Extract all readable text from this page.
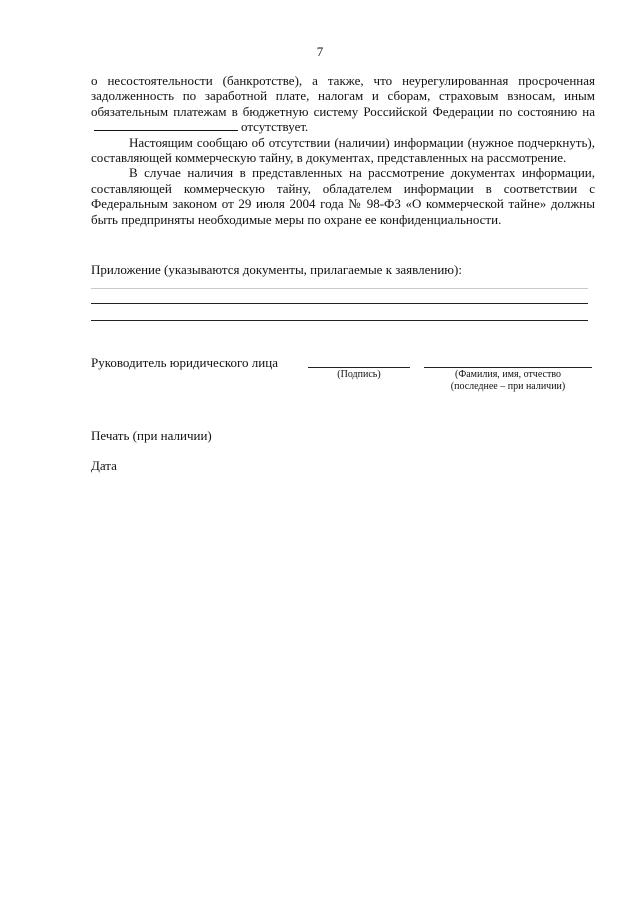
7

о несостоятельности (банкротстве), а также, что неурегулированная просроченная задолженность по заработной плате, налогам и сборам, страховым взносам, иным обязательным платежам в бюджетную систему Российской Федерации по состоянию наотсутствует.

Настоящим сообщаю об отсутствии (наличии) информации (нужное подчеркнуть), составляющей коммерческую тайну, в документах, представленных на рассмотрение.

В случае наличия в представленных на рассмотрение документах информации, составляющей коммерческую тайну, обладателем информации в соответствии с Федеральным законом от 29 июля 2004 года № 98-ФЗ «О коммерческой тайне» должны быть предприняты необходимые меры по охране ее конфиденциальности.

Приложение (указываются документы, прилагаемые к заявлению):
Руководитель юридического лица
(Подпись)	(Фамилия, имя, отчество
(последнее – при наличии)
Печать (при наличии)
Дата
